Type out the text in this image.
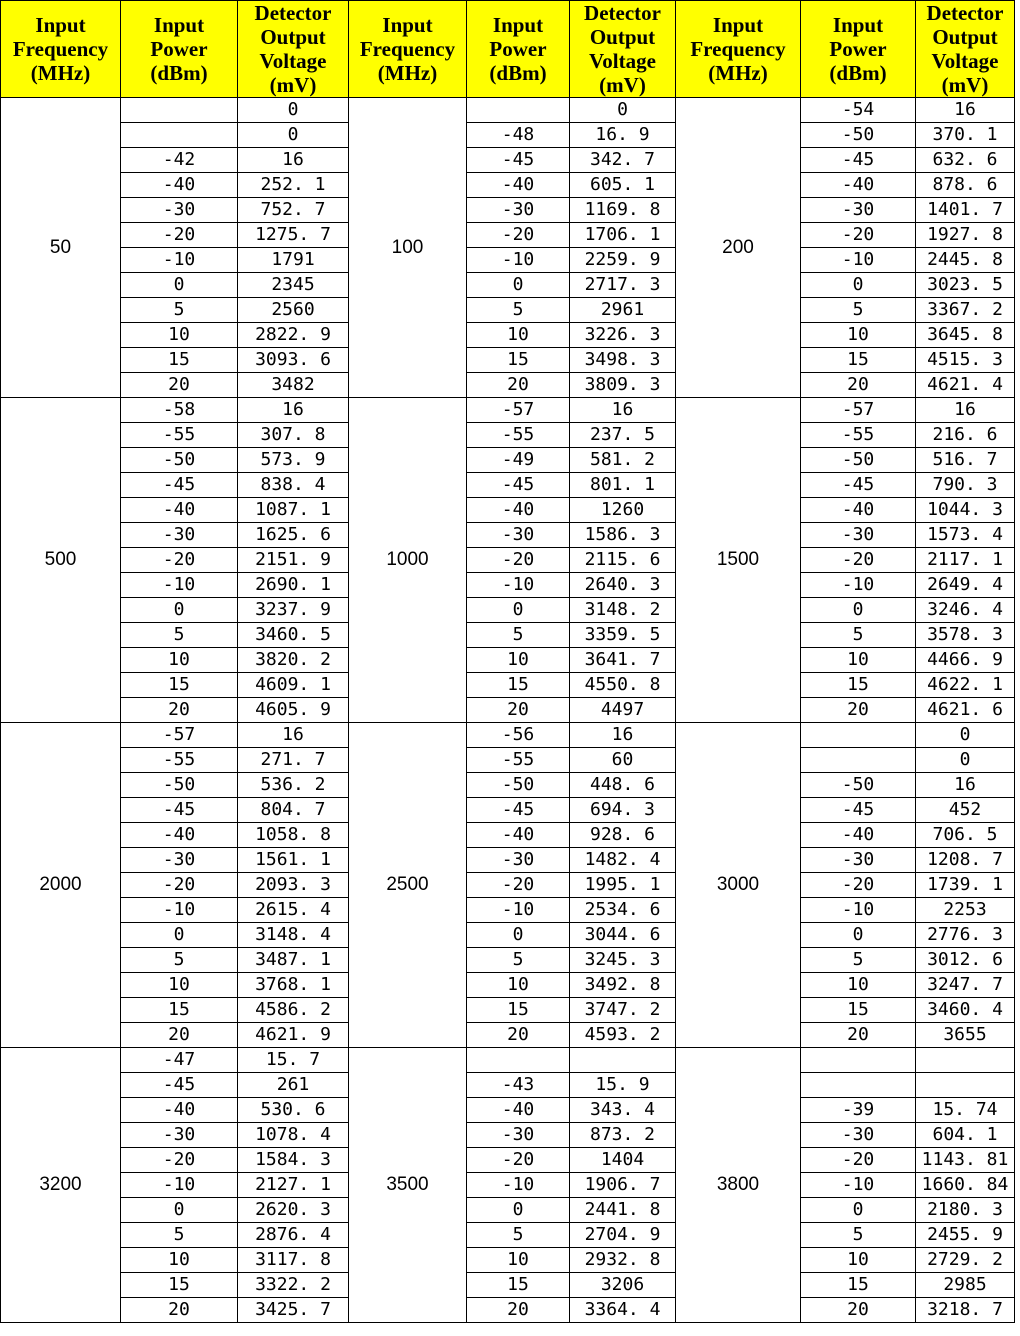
Input
Frequency
(MHz)	Input
Power
(dBm)	Detector
Output
Voltage
(mV)	Input
Frequency
(MHz)	Input
Power
(dBm)	Detector
Output
Voltage
(mV)	Input
Frequency
(MHz)	Input
Power
(dBm)	Detector
Output
Voltage
(mV)

50		0	100		0	200	-54	16
		0		-48	16. 9		-50	370. 1
	-42	16		-45	342. 7		-45	632. 6
	-40	252. 1		-40	605. 1		-40	878. 6
	-30	752. 7		-30	1169. 8		-30	1401. 7
	-20	1275. 7		-20	1706. 1		-20	1927. 8
	-10	1791		-10	2259. 9		-10	2445. 8
	0	2345		0	2717. 3		0	3023. 5
	5	2560		5	2961		5	3367. 2
	10	2822. 9		10	3226. 3		10	3645. 8
	15	3093. 6		15	3498. 3		15	4515. 3
	20	3482		20	3809. 3		20	4621. 4
500	-58	16	1000	-57	16	1500	-57	16
	-55	307. 8		-55	237. 5		-55	216. 6
	-50	573. 9		-49	581. 2		-50	516. 7
	-45	838. 4		-45	801. 1		-45	790. 3
	-40	1087. 1		-40	1260		-40	1044. 3
	-30	1625. 6		-30	1586. 3		-30	1573. 4
	-20	2151. 9		-20	2115. 6		-20	2117. 1
	-10	2690. 1		-10	2640. 3		-10	2649. 4
	0	3237. 9		0	3148. 2		0	3246. 4
	5	3460. 5		5	3359. 5		5	3578. 3
	10	3820. 2		10	3641. 7		10	4466. 9
	15	4609. 1		15	4550. 8		15	4622. 1
	20	4605. 9		20	4497		20	4621. 6
2000	-57	16	2500	-56	16	3000		0
	-55	271. 7		-55	60			0
	-50	536. 2		-50	448. 6		-50	16
	-45	804. 7		-45	694. 3		-45	452
	-40	1058. 8		-40	928. 6		-40	706. 5
	-30	1561. 1		-30	1482. 4		-30	1208. 7
	-20	2093. 3		-20	1995. 1		-20	1739. 1
	-10	2615. 4		-10	2534. 6		-10	2253
	0	3148. 4		0	3044. 6		0	2776. 3
	5	3487. 1		5	3245. 3		5	3012. 6
	10	3768. 1		10	3492. 8		10	3247. 7
	15	4586. 2		15	3747. 2		15	3460. 4
	20	4621. 9		20	4593. 2		20	3655
3200	-47	15. 7	3500			3800		
	-45	261		-43	15. 9			
	-40	530. 6		-40	343. 4		-39	15. 74
	-30	1078. 4		-30	873. 2		-30	604. 1
	-20	1584. 3		-20	1404		-20	1143. 81
	-10	2127. 1		-10	1906. 7		-10	1660. 84
	0	2620. 3		0	2441. 8		0	2180. 3
	5	2876. 4		5	2704. 9		5	2455. 9
	10	3117. 8		10	2932. 8		10	2729. 2
	15	3322. 2		15	3206		15	2985
	20	3425. 7		20	3364. 4		20	3218. 7
